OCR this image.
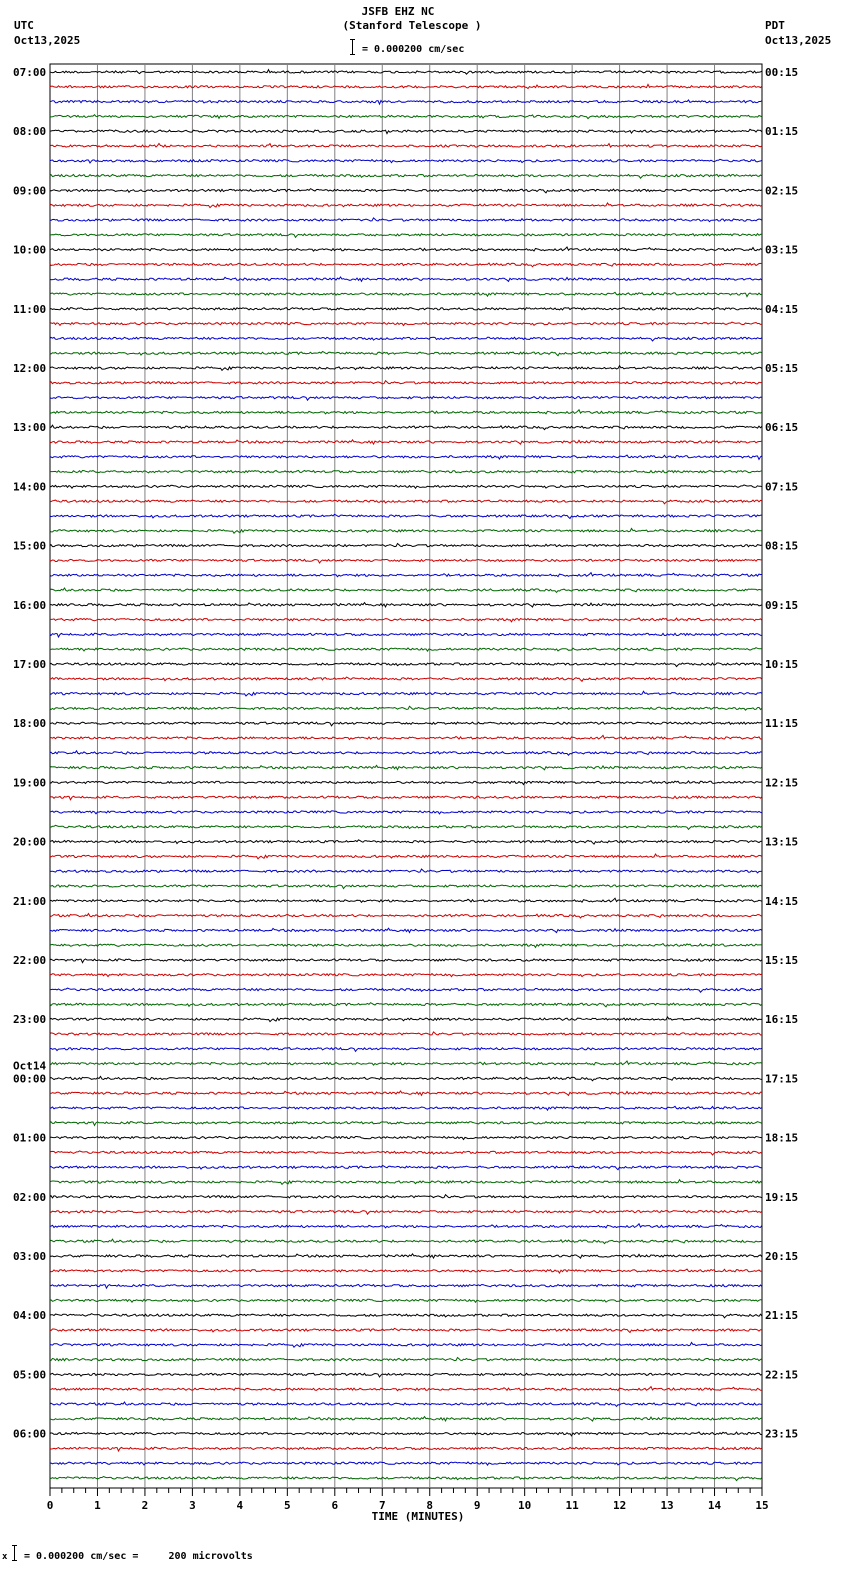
JSFB EHZ NC
(Stanford Telescope )
UTC
Oct13,2025
PDT
Oct13,2025
= 0.000200 cm/sec
07:00
08:00
09:00
10:00
11:00
12:00
13:00
14:00
15:00
16:00
17:00
18:00
19:00
20:00
21:00
22:00
23:00
00:00
Oct14
01:00
02:00
03:00
04:00
05:00
06:00
00:15
01:15
02:15
03:15
04:15
05:15
06:15
07:15
08:15
09:15
10:15
11:15
12:15
13:15
14:15
15:15
16:15
17:15
18:15
19:15
20:15
21:15
22:15
23:15
0	1	2	3	4	5	6	7	8	9	10	11	12	13	14	15
TIME (MINUTES)
x = 0.000200 cm/sec =     200 microvolts
